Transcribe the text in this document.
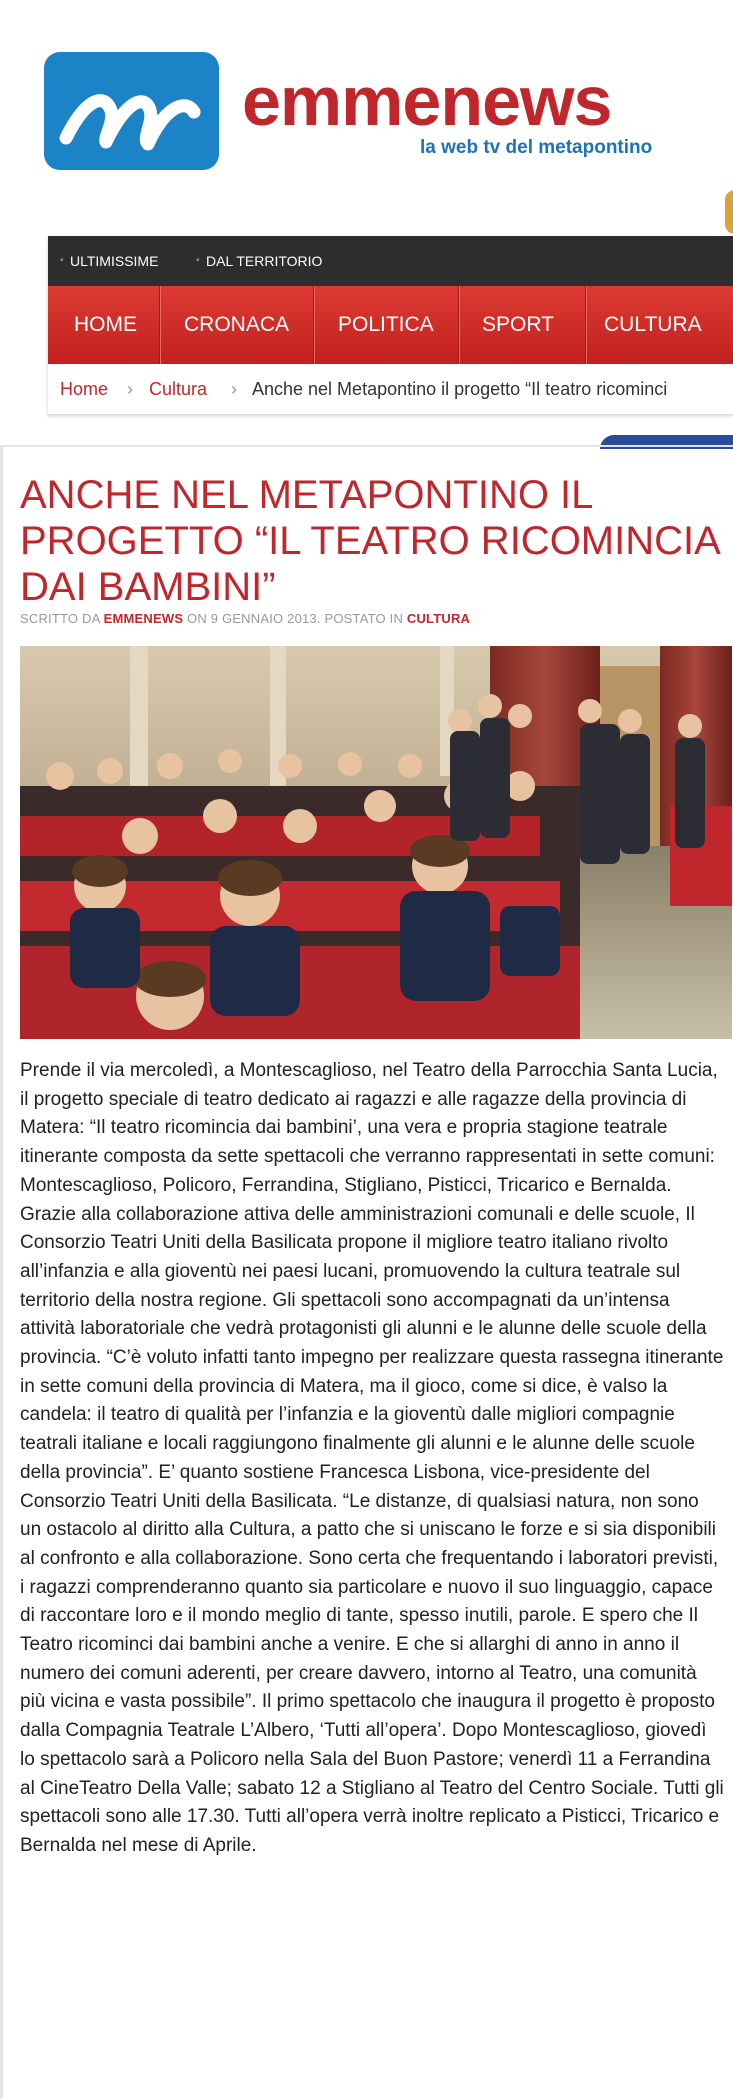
emmenews
la web tv del metapontino
▪ ULTIMISSIME	▪ DAL TERRITORIO
HOME CRONACA POLITICA SPORT CULTURA
Home › Cultura › Anche nel Metapontino il progetto “Il teatro ricominci
ANCHE NEL METAPONTINO IL PROGETTO “IL TEATRO RICOMINCIA DAI BAMBINI”
SCRITTO DA EMMENEWS ON 9 GENNAIO 2013. POSTATO IN CULTURA
Prende il via mercoledì, a Montescaglioso, nel Teatro della Parrocchia Santa Lucia, il progetto speciale di teatro dedicato ai ragazzi e alle ragazze della provincia di Matera: “Il teatro ricomincia dai bambini’, una vera e propria stagione teatrale itinerante composta da sette spettacoli che verranno rappresentati in sette comuni: Montescaglioso, Policoro, Ferrandina, Stigliano, Pisticci, Tricarico e Bernalda. Grazie alla collaborazione attiva delle amministrazioni comunali e delle scuole, Il Consorzio Teatri Uniti della Basilicata propone il migliore teatro italiano rivolto all’infanzia e alla gioventù nei paesi lucani, promuovendo la cultura teatrale sul territorio della nostra regione. Gli spettacoli sono accompagnati da un’intensa attività laboratoriale che vedrà protagonisti gli alunni e le alunne delle scuole della provincia. “C’è voluto infatti tanto impegno per realizzare questa rassegna itinerante in sette comuni della provincia di Matera, ma il gioco, come si dice, è valso la candela: il teatro di qualità per l’infanzia e la gioventù dalle migliori compagnie teatrali italiane e locali raggiungono finalmente gli alunni e le alunne delle scuole della provincia”. E’ quanto sostiene Francesca Lisbona, vice-presidente del Consorzio Teatri Uniti della Basilicata. “Le distanze, di qualsiasi natura, non sono un ostacolo al diritto alla Cultura, a patto che si uniscano le forze e si sia disponibili al confronto e alla collaborazione. Sono certa che frequentando i laboratori previsti, i ragazzi comprenderanno quanto sia particolare e nuovo il suo linguaggio, capace di raccontare loro e il mondo meglio di tante, spesso inutili, parole. E spero che Il Teatro ricominci dai bambini anche a venire. E che si allarghi di anno in anno il numero dei comuni aderenti, per creare davvero, intorno al Teatro, una comunità più vicina e vasta possibile”. Il primo spettacolo che inaugura il progetto è proposto dalla Compagnia Teatrale L’Albero, ‘Tutti all’opera’. Dopo Montescaglioso, giovedì lo spettacolo sarà a Policoro nella Sala del Buon Pastore; venerdì 11 a Ferrandina al CineTeatro Della Valle; sabato 12 a Stigliano al Teatro del Centro Sociale. Tutti gli spettacoli sono alle 17.30. Tutti all’opera verrà inoltre replicato a Pisticci, Tricarico e Bernalda nel mese di Aprile.
